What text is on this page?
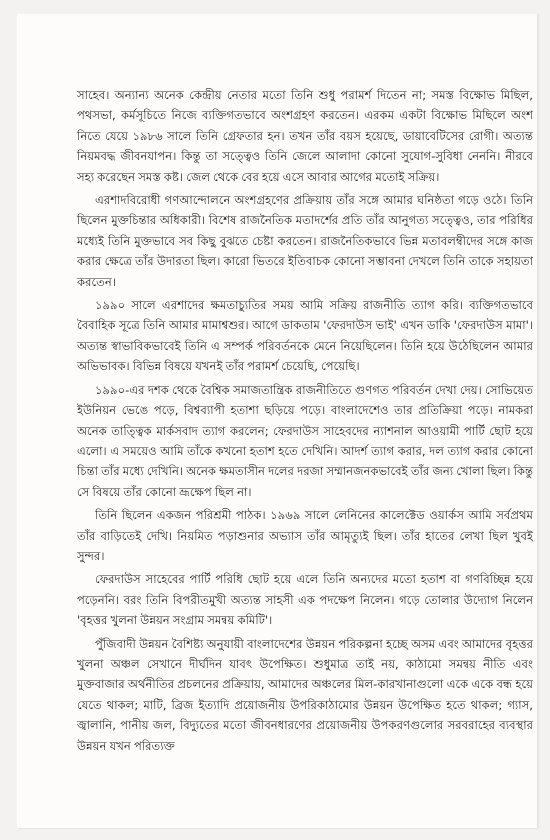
সাহেব। অন্যান্য অনেক কেন্দ্রীয় নেতার মতো তিনি শুধু পরামর্শ দিতেন না; সমস্ত বিক্ষোভ মিছিল, পথসভা, কর্মসূচিতে নিজে ব্যক্তিগতভাবে অংশগ্রহণ করতেন। এরকম একটা বিক্ষোভ মিছিলে অংশ নিতে যেয়ে ১৯৮৬ সালে তিনি গ্রেফতার হন। তখন তাঁর বয়স হয়েছে, ডায়াবেটিসের রোগী। অত্যন্ত নিয়মবদ্ধ জীবনযাপন। কিন্তু তা সত্ত্বেও তিনি জেলে আলাদা কোনো সুযোগ-সুবিধা নেননি। নীরবে সহ্য করেছেন সমস্ত কষ্ট। জেল থেকে বের হয়ে এসে আবার আগের মতোই সক্রিয়।

এরশাদবিরোধী গণআন্দোলনে অংশগ্রহণের প্রক্রিয়ায় তাঁর সঙ্গে আমার ঘনিষ্ঠতা গড়ে ওঠে। তিনি ছিলেন মুক্তচিন্তার অধিকারী। বিশেষ রাজনৈতিক মতাদর্শের প্রতি তাঁর আনুগত্য সত্ত্বেও, তার পরিধির মধ্যেই তিনি মুক্তভাবে সব কিছু বুঝতে চেষ্টা করতেন। রাজনৈতিকভাবে ভিন্ন মতাবলম্বীদের সঙ্গে কাজ করার ক্ষেত্রে তাঁর উদারতা ছিল। কারো ভিতরে ইতিবাচক কোনো সম্ভাবনা দেখলে তিনি তাকে সহায়তা করতেন।

১৯৯০ সালে এরশাদের ক্ষমতাচ্যুতির সময় আমি সক্রিয় রাজনীতি ত্যাগ করি। ব্যক্তিগতভাবে বৈবাহিক সূত্রে তিনি আমার মামাশ্বশুর। আগে ডাকতাম 'ফেরদাউস ভাই' এখন ডাকি 'ফেরদাউস মামা'। অত্যন্ত স্বাভাবিকভাবেই তিনি এ সম্পর্ক পরিবর্তনকে মেনে নিয়েছিলেন। তিনি হয়ে উঠেছিলেন আমার অভিভাবক। বিভিন্ন বিষয়ে যখনই তাঁর পরামর্শ চেয়েছি, পেয়েছি।

১৯৯০-এর দশক থেকে বৈশ্বিক সমাজতান্ত্রিক রাজনীতিতে গুণগত পরিবর্তন দেখা দেয়। সোভিয়েত ইউনিয়ন ভেঙে পড়ে, বিশ্বব্যাপী হতাশা ছড়িয়ে পড়ে। বাংলাদেশেও তার প্রতিক্রিয়া পড়ে। নামকরা অনেক তাত্ত্বিক মার্কসবাদ ত্যাগ করলেন; ফেরদাউস সাহেবদের ন্যাশনাল আওয়ামী পার্টি ছোট হয়ে এলো। এ সময়েও আমি তাঁকে কখনো হতাশ হতে দেখিনি। আদর্শ ত্যাগ করার, দল ত্যাগ করার কোনো চিন্তা তাঁর মধ্যে দেখিনি। অনেক ক্ষমতাসীন দলের দরজা সম্মানজনকভাবেই তাঁর জন্য খোলা ছিল। কিন্তু সে বিষয়ে তাঁর কোনো ভ্রূক্ষেপ ছিল না।

তিনি ছিলেন একজন পরিশ্রমী পাঠক। ১৯৬৯ সালে লেনিনের কালেক্টেড ওয়ার্কস আমি সর্বপ্রথম তাঁর বাড়িতেই দেখি। নিয়মিত পড়াশুনার অভ্যাস তাঁর আমৃত্যুই ছিল। তাঁর হাতের লেখা ছিল খুবই সুন্দর।

ফেরদাউস সাহেবের পার্টি পরিধি ছোট হয়ে এলে তিনি অন্যদের মতো হতাশ বা গণবিচ্ছিন্ন হয়ে পড়েননি। বরং তিনি বিপরীতমুখী অত্যন্ত সাহসী এক পদক্ষেপ নিলেন। গড়ে তোলার উদ্যোগ নিলেন 'বৃহত্তর খুলনা উন্নয়ন সংগ্রাম সমন্বয় কমিটি'।

পুঁজিবাদী উন্নয়ন বৈশিষ্ট্য অনুযায়ী বাংলাদেশের উন্নয়ন পরিকল্পনা হচ্ছে অসম এবং আমাদের বৃহত্তর খুলনা অঞ্চল সেখানে দীর্ঘদিন যাবৎ উপেক্ষিত। শুধুমাত্র তাই নয়, কাঠামো সমন্বয় নীতি এবং মুক্তবাজার অর্থনীতির প্রচলনের প্রক্রিয়ায়, আমাদের অঞ্চলের মিল-কারখানাগুলো একে একে বন্ধ হয়ে যেতে থাকল; মাটি, ব্রিজ ইত্যাদি প্রয়োজনীয় উপরিকাঠামোর উন্নয়ন উপেক্ষিত হতে থাকল; গ্যাস, জ্বালানি, পানীয় জল, বিদ্যুতের মতো জীবনধারণের প্রয়োজনীয় উপকরণগুলোর সরবরাহের ব্যবস্থার উন্নয়ন যখন পরিত্যক্ত
